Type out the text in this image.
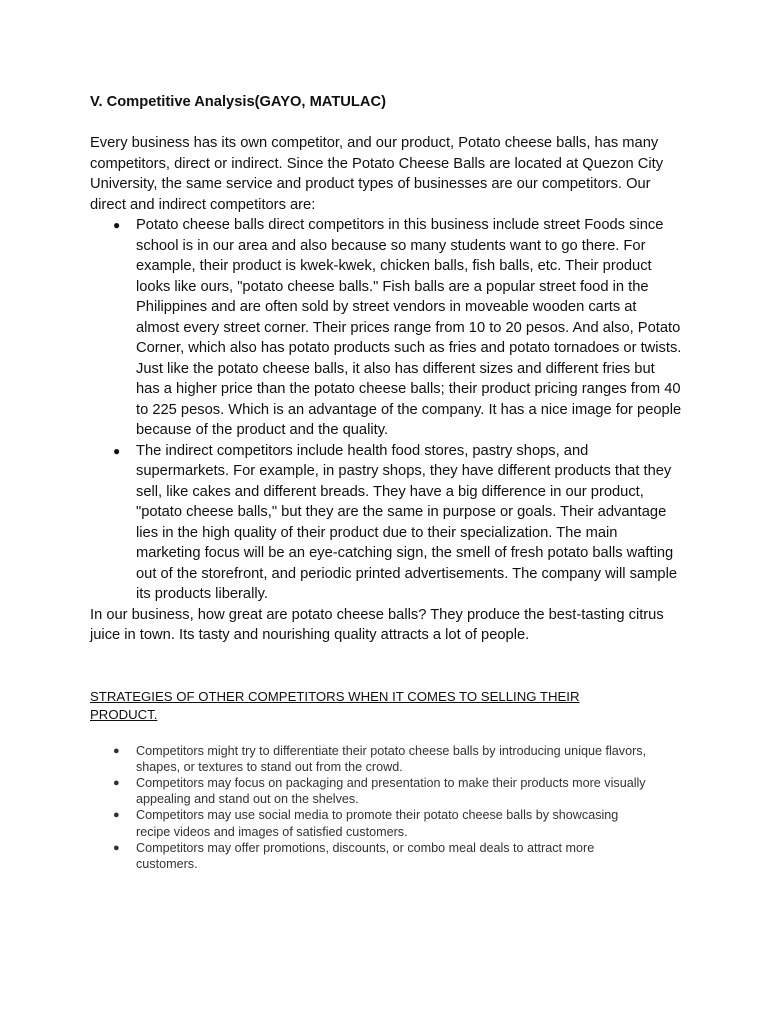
V. Competitive Analysis(GAYO, MATULAC)

Every business has its own competitor, and our product, Potato cheese balls, has many competitors, direct or indirect. Since the Potato Cheese Balls are located at Quezon City University, the same service and product types of businesses are our competitors. Our direct and indirect competitors are:

● Potato cheese balls direct competitors in this business include street Foods since school is in our area and also because so many students want to go there. For example, their product is kwek-kwek, chicken balls, fish balls, etc. Their product looks like ours, "potato cheese balls." Fish balls are a popular street food in the Philippines and are often sold by street vendors in moveable wooden carts at almost every street corner. Their prices range from 10 to 20 pesos. And also, Potato Corner, which also has potato products such as fries and potato tornadoes or twists. Just like the potato cheese balls, it also has different sizes and different fries but has a higher price than the potato cheese balls; their product pricing ranges from 40 to 225 pesos. Which is an advantage of the company. It has a nice image for people because of the product and the quality.
● The indirect competitors include health food stores, pastry shops, and supermarkets. For example, in pastry shops, they have different products that they sell, like cakes and different breads. They have a big difference in our product, "potato cheese balls," but they are the same in purpose or goals. Their advantage lies in the high quality of their product due to their specialization. The main marketing focus will be an eye-catching sign, the smell of fresh potato balls wafting out of the storefront, and periodic printed advertisements. The company will sample its products liberally.

In our business, how great are potato cheese balls? They produce the best-tasting citrus juice in town. Its tasty and nourishing quality attracts a lot of people.

STRATEGIES OF OTHER COMPETITORS WHEN IT COMES TO SELLING THEIR PRODUCT.
● Competitors might try to differentiate their potato cheese balls by introducing unique flavors, shapes, or textures to stand out from the crowd.
● Competitors may focus on packaging and presentation to make their products more visually appealing and stand out on the shelves.
● Competitors may use social media to promote their potato cheese balls by showcasing recipe videos and images of satisfied customers.
● Competitors may offer promotions, discounts, or combo meal deals to attract more customers.
